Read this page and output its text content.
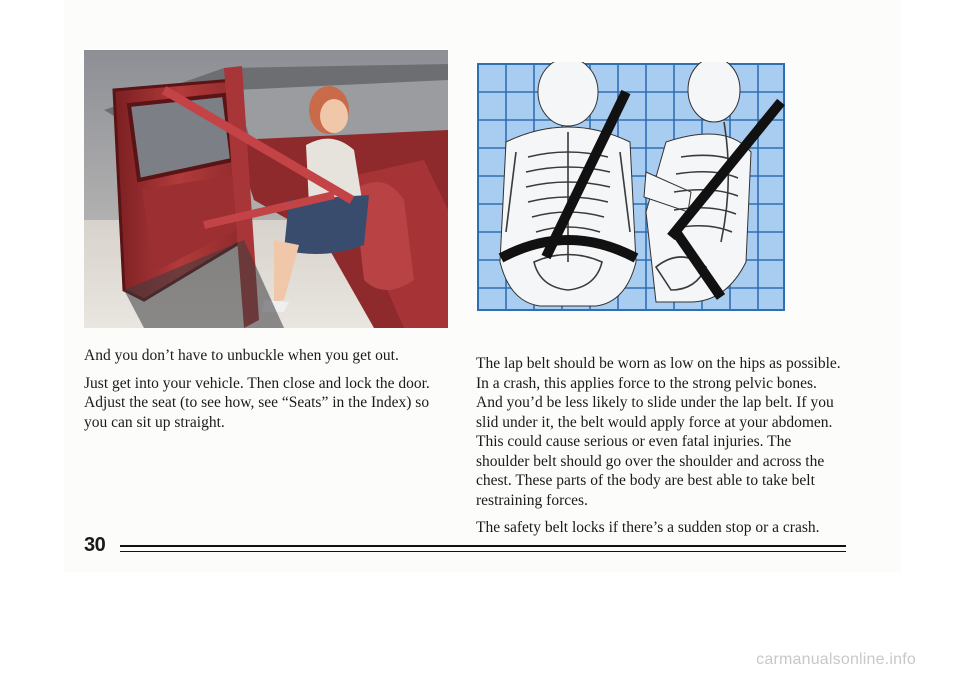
And you don’t have to unbuckle when you get out.

Just get into your vehicle. Then close and lock the door. Adjust the seat (to see how, see “Seats” in the Index) so you can sit up straight.

The lap belt should be worn as low on the hips as possible. In a crash, this applies force to the strong pelvic bones. And you’d be less likely to slide under the lap belt. If you slid under it, the belt would apply force at your abdomen. This could cause serious or even fatal injuries. The shoulder belt should go over the shoulder and across the chest. These parts of the body are best able to take belt restraining forces.

The safety belt locks if there’s a sudden stop or a crash.

30
carmanualsonline.info
